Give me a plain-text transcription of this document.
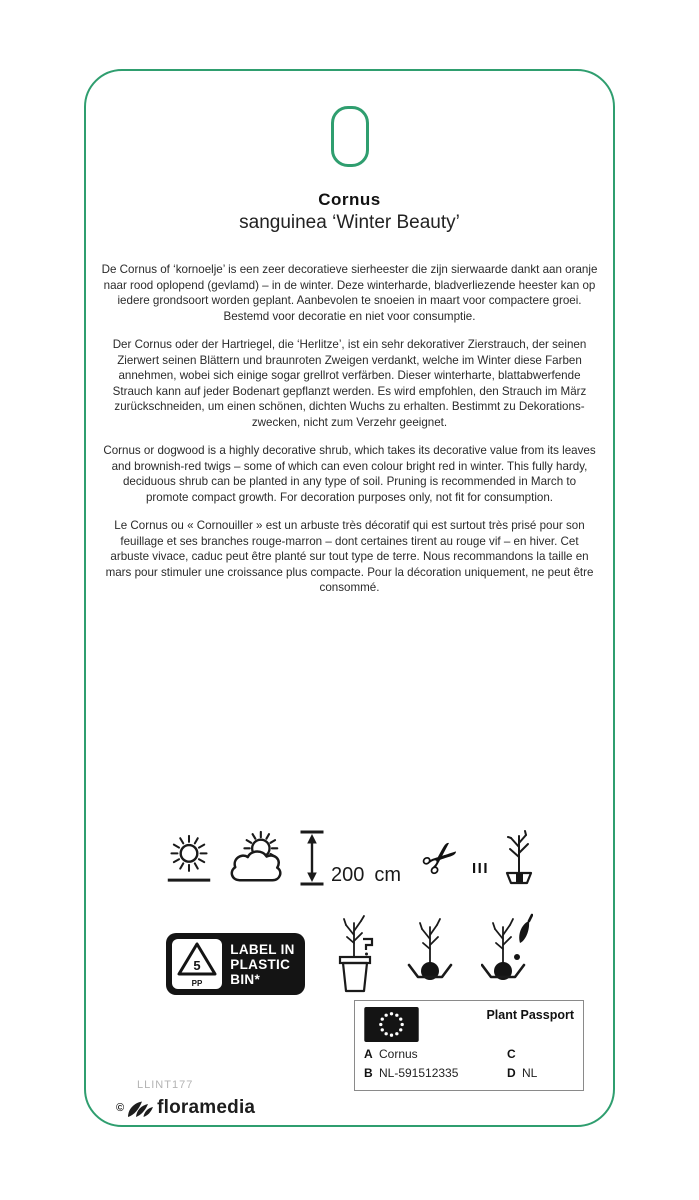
Cornus
sanguinea ‘Winter Beauty’

De Cornus of ‘kornoelje’ is een zeer decoratieve sierheester die zijn sierwaarde dankt aan oranje naar rood oplopend (gevlamd) – in de winter. Deze winterharde, bladverliezende heester kan op iedere grondsoort worden geplant. Aanbevolen te snoeien in maart voor compactere groei. Bestemd voor decoratie en niet voor consumptie.

Der Cornus oder der Hartriegel, die ‘Herlitze’, ist ein sehr dekorativer Zierstrauch, der seinen Zierwert seinen Blättern und braunroten Zweigen verdankt, welche im Winter diese Farben annehmen, wobei sich einige sogar grellrot verfärben. Dieser winterharte, blattabwerfende Strauch kann auf jeder Bodenart gepflanzt werden. Es wird empfohlen, den Strauch im März zurückschneiden, um einen schönen, dichten Wuchs zu erhalten. Bestimmt zu Dekorations- zwecken, nicht zum Verzehr geeignet.

Cornus or dogwood is a highly decorative shrub, which takes its decorative value from its leaves and brownish-red twigs – some of which can even colour bright red in winter. This fully hardy, deciduous shrub can be planted in any type of soil. Pruning is recommended in March to promote compact growth. For decoration purposes only, not fit for consumption.

Le Cornus ou « Cornouiller » est un arbuste très décoratif qui est surtout très prisé pour son feuillage et ses branches rouge-marron – dont certaines tirent au rouge vif – en hiver. Cet arbuste vivace, caduc peut être planté sur tout type de terre. Nous recommandons la taille en mars pour stimuler une croissance plus compacte. Pour la décoration uniquement, ne peut être consommé.

200 cm ✂ III
5
PP
LABEL IN
PLASTIC
BIN*
Plant Passport
A Cornus	C
B NL-591512335	D NL
LLINT177
© floramedia
